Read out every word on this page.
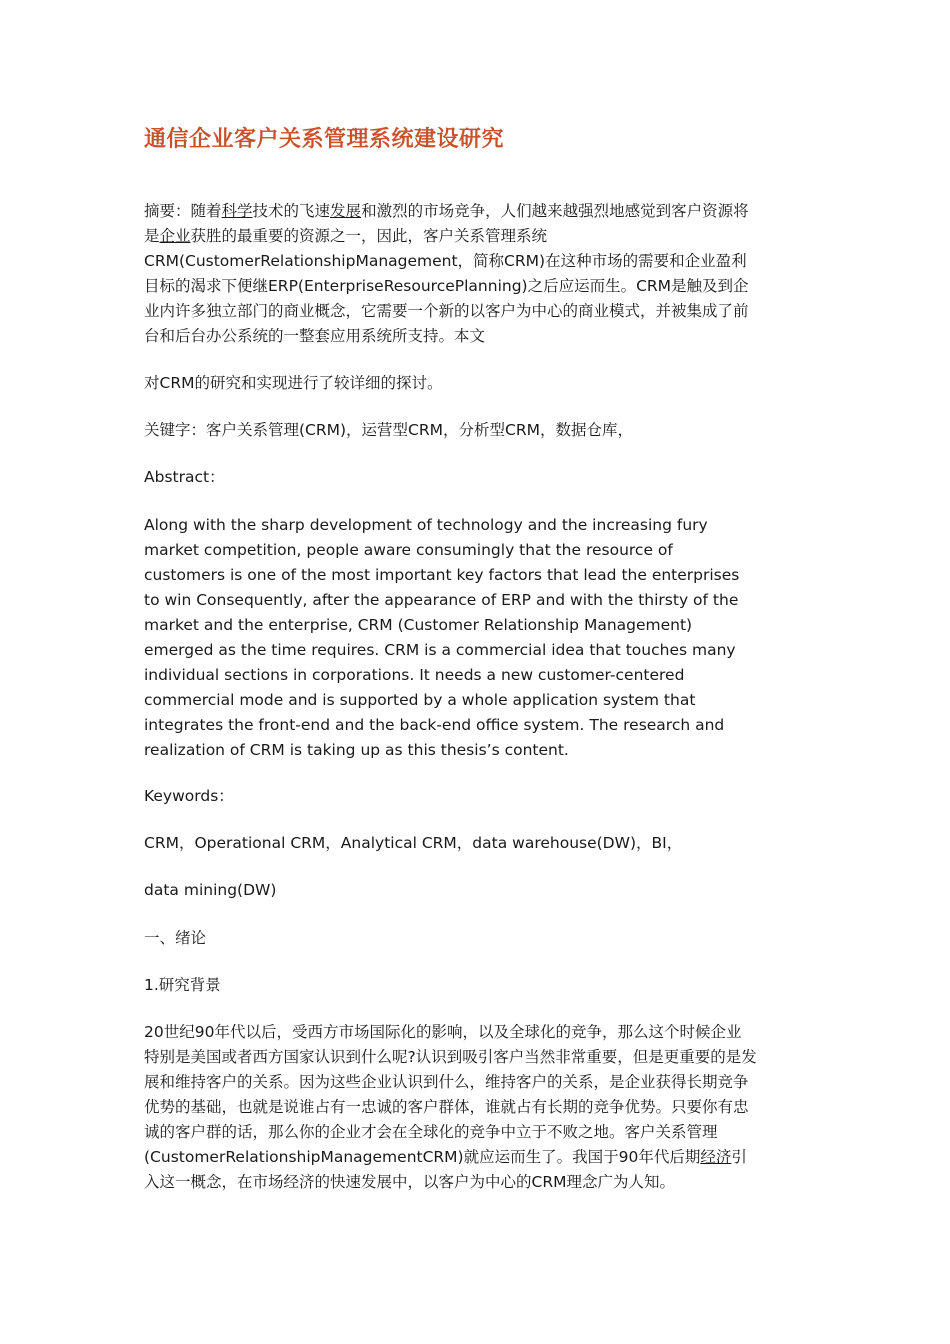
通信企业客户关系管理系统建设研究
摘要：随着科学技术的飞速发展和激烈的市场竞争，人们越来越强烈地感觉到客户资源将
是企业获胜的最重要的资源之一，因此，客户关系管理系统
CRM(CustomerRelationshipManagement，简称CRM)在这种市场的需要和企业盈利
目标的渴求下便继ERP(EnterpriseResourcePlanning)之后应运而生。CRM是触及到企
业内许多独立部门的商业概念，它需要一个新的以客户为中心的商业模式，并被集成了前
台和后台办公系统的一整套应用系统所支持。本文

对CRM的研究和实现进行了较详细的探讨。

关键字：客户关系管理(CRM)，运营型CRM，分析型CRM，数据仓库，

Abstract：

Along with the sharp development of technology and the increasing fury
market competition, people aware consumingly that the resource of
customers is one of the most important key factors that lead the enterprises
to win Consequently, after the appearance of ERP and with the thirsty of the
market and the enterprise, CRM (Customer Relationship Management)
emerged as the time requires. CRM is a commercial idea that touches many
individual sections in corporations. It needs a new customer-centered
commercial mode and is supported by a whole application system that
integrates the front-end and the back-end office system. The research and
realization of CRM is taking up as this thesis’s content.

Keywords：

CRM，Operational CRM，Analytical CRM，data warehouse(DW)，BI，

data mining(DW)

一、绪论

1.研究背景

20世纪90年代以后，受西方市场国际化的影响，以及全球化的竞争，那么这个时候企业
特别是美国或者西方国家认识到什么呢?认识到吸引客户当然非常重要，但是更重要的是发
展和维持客户的关系。因为这些企业认识到什么，维持客户的关系，是企业获得长期竞争
优势的基础，也就是说谁占有一忠诚的客户群体，谁就占有长期的竞争优势。只要你有忠
诚的客户群的话，那么你的企业才会在全球化的竞争中立于不败之地。客户关系管理
(CustomerRelationshipManagementCRM)就应运而生了。我国于90年代后期经济引
入这一概念，在市场经济的快速发展中，以客户为中心的CRM理念广为人知。
